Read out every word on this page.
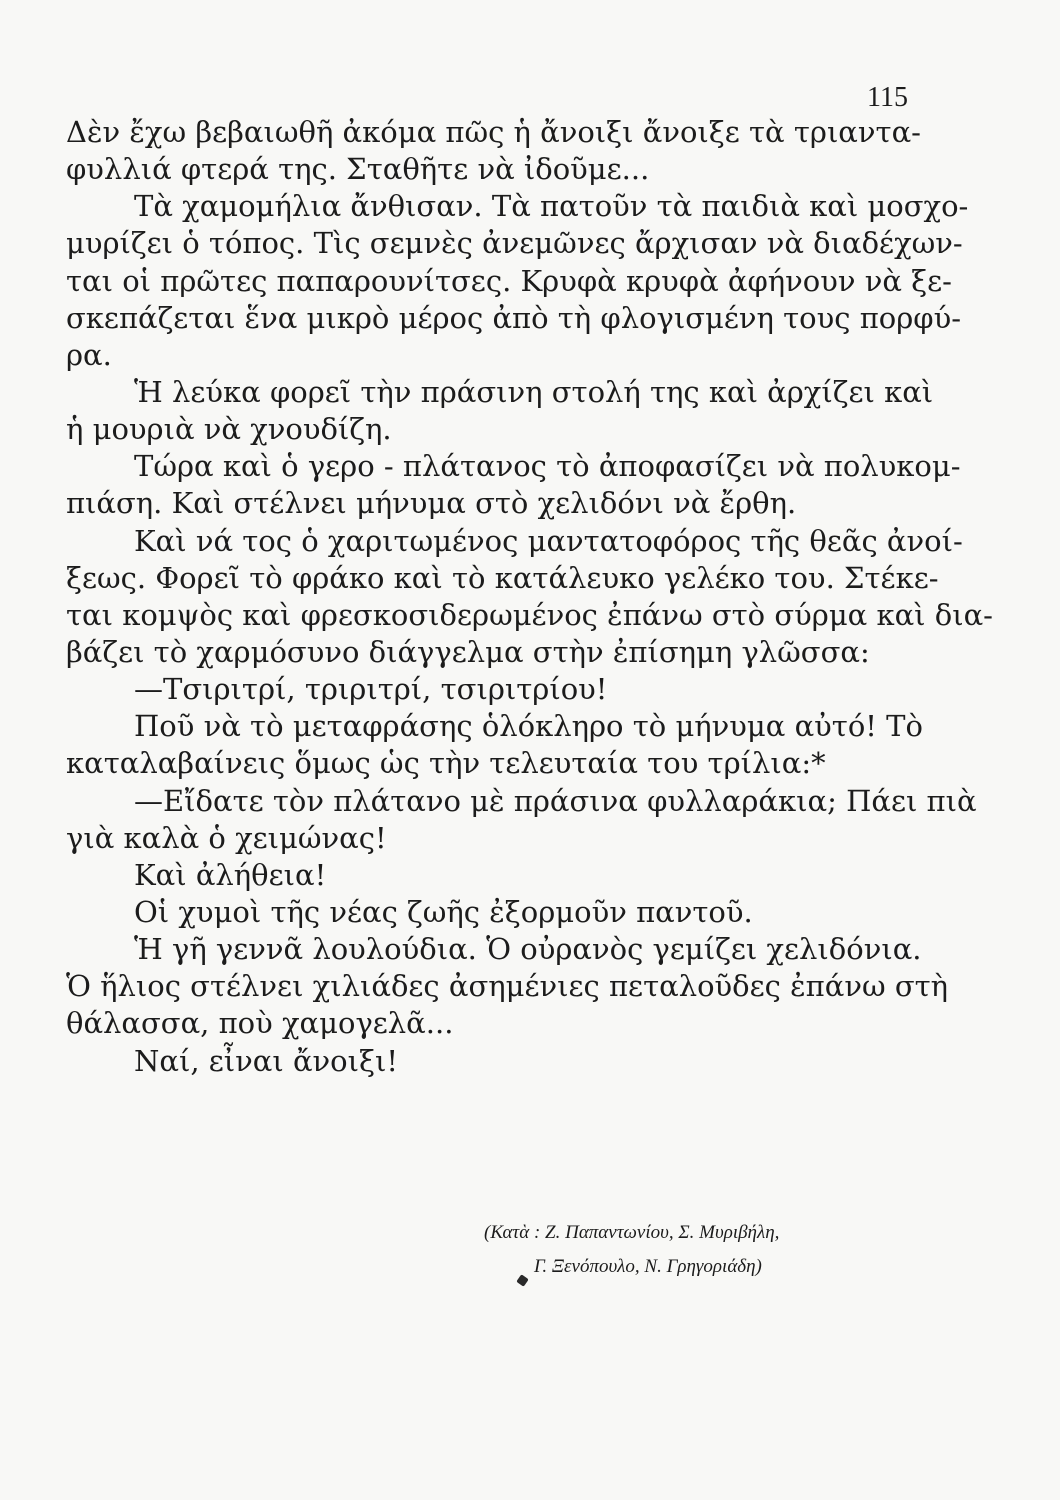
115
Δὲν ἔχω βεβαιωθῆ ἀκόμα πῶς ἡ ἄνοιξι ἄνοιξε τὰ τριαντα-
φυλλιά φτερά της. Σταθῆτε νὰ ἰδοῦμε...
Τὰ χαμομήλια ἄνθισαν. Τὰ πατοῦν τὰ παιδιὰ καὶ μοσχο-
μυρίζει ὁ τόπος. Τὶς σεμνὲς ἀνεμῶνες ἄρχισαν νὰ διαδέχων-
ται οἱ πρῶτες παπαρουνίτσες. Κρυφὰ κρυφὰ ἀφήνουν νὰ ξε-
σκεπάζεται ἕνα μικρὸ μέρος ἀπὸ τὴ φλογισμένη τους πορφύ-
ρα.
Ἡ λεύκα φορεῖ τὴν πράσινη στολή της καὶ ἀρχίζει καὶ
ἡ μουριὰ νὰ χνουδίζη.
Τώρα καὶ ὁ γερο - πλάτανος τὸ ἀποφασίζει νὰ πολυκομ-
πιάση. Καὶ στέλνει μήνυμα στὸ χελιδόνι νὰ ἔρθη.
Καὶ νά τος ὁ χαριτωμένος μαντατοφόρος τῆς θεᾶς ἀνοί-
ξεως. Φορεῖ τὸ φράκο καὶ τὸ κατάλευκο γελέκο του. Στέκε-
ται κομψὸς καὶ φρεσκοσιδερωμένος ἐπάνω στὸ σύρμα καὶ δια-
βάζει τὸ χαρμόσυνο διάγγελμα στὴν ἐπίσημη γλῶσσα:
—Τσιριτρί, τριριτρί, τσιριτρίου!
Ποῦ νὰ τὸ μεταφράσης ὁλόκληρο τὸ μήνυμα αὐτό! Τὸ
καταλαβαίνεις ὅμως ὡς τὴν τελευταία του τρίλια:*
—Εἴδατε τὸν πλάτανο μὲ πράσινα φυλλαράκια; Πάει πιὰ
γιὰ καλὰ ὁ χειμώνας!
Καὶ ἀλήθεια!
Οἱ χυμοὶ τῆς νέας ζωῆς ἐξορμοῦν παντοῦ.
Ἡ γῆ γεννᾶ λουλούδια. Ὁ οὐρανὸς γεμίζει χελιδόνια.
Ὁ ἥλιος στέλνει χιλιάδες ἀσημένιες πεταλοῦδες ἐπάνω στὴ
θάλασσα, ποὺ χαμογελᾶ...
Ναί, εἶναι ἄνοιξι!
(Κατὰ : Ζ. Παπαντωνίου, Σ. Μυριβήλη,
Γ. Ξενόπουλο, Ν. Γρηγοριάδη)
